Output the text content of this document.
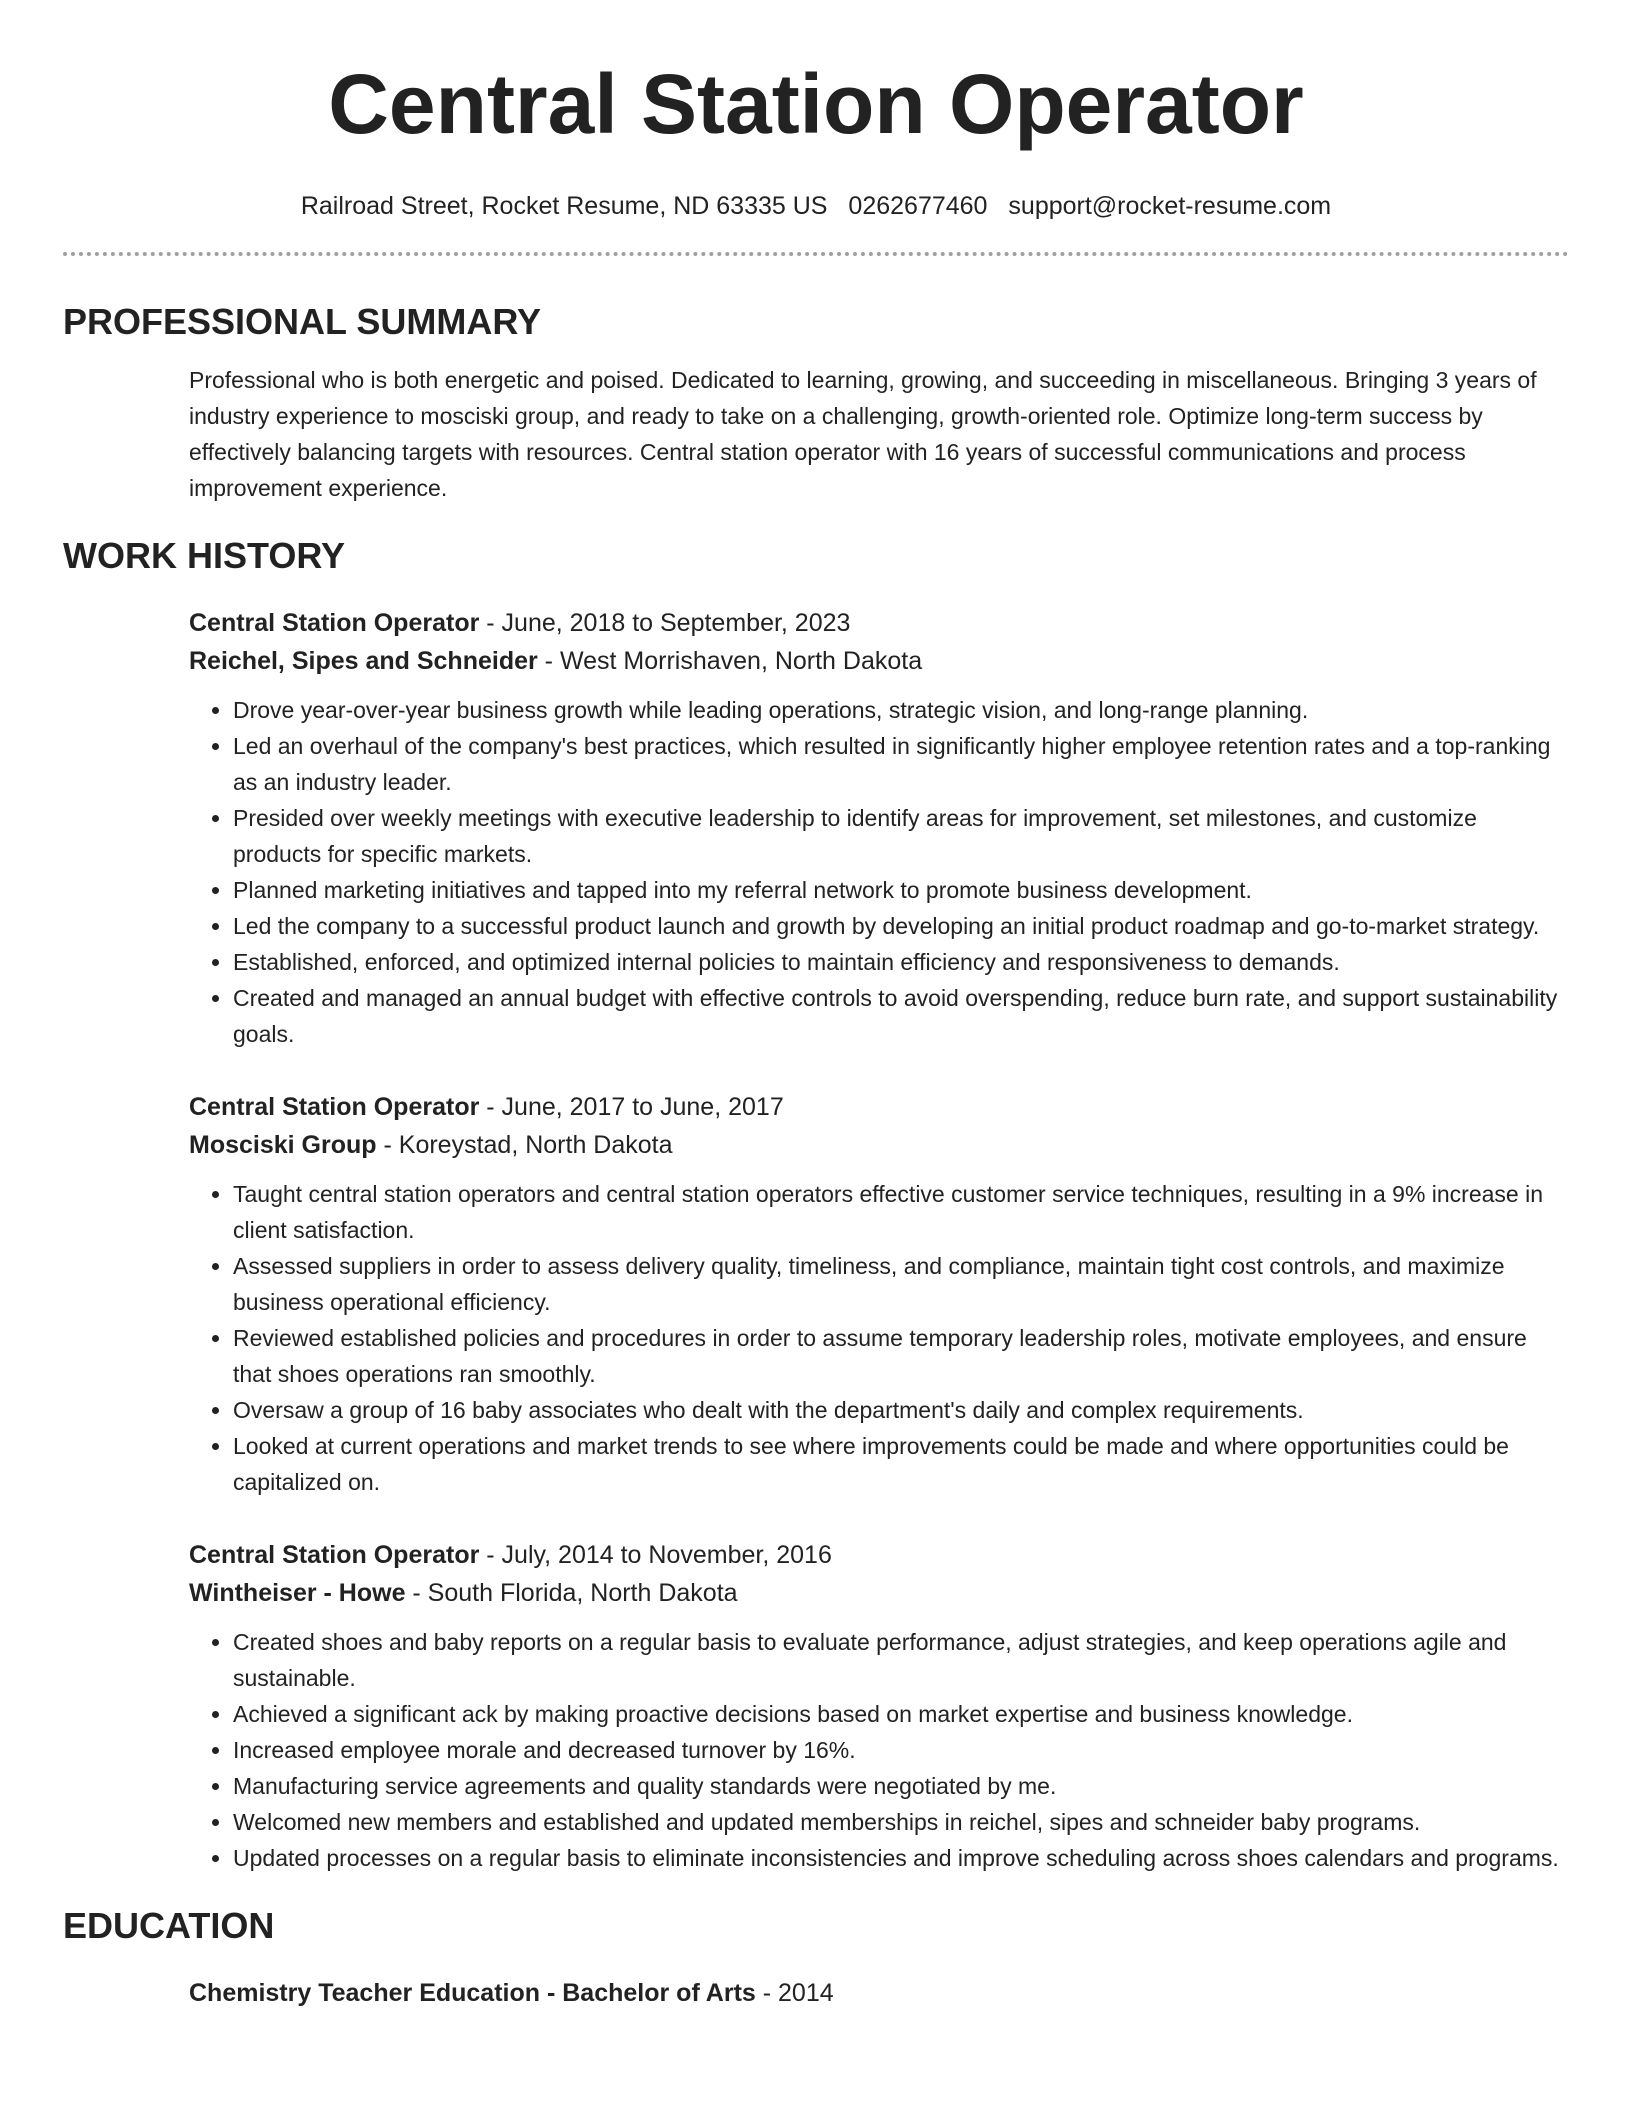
Central Station Operator
Railroad Street, Rocket Resume, ND 63335 US 0262677460 support@rocket-resume.com
PROFESSIONAL SUMMARY

Professional who is both energetic and poised. Dedicated to learning, growing, and succeeding in miscellaneous. Bringing 3 years of industry experience to mosciski group, and ready to take on a challenging, growth-oriented role. Optimize long-term success by effectively balancing targets with resources. Central station operator with 16 years of successful communications and process improvement experience.

WORK HISTORY
Central Station Operator - June, 2018 to September, 2023
Reichel, Sipes and Schneider - West Morrishaven, North Dakota
• Drove year-over-year business growth while leading operations, strategic vision, and long-range planning.
• Led an overhaul of the company's best practices, which resulted in significantly higher employee retention rates and a top-ranking as an industry leader.
• Presided over weekly meetings with executive leadership to identify areas for improvement, set milestones, and customize products for specific markets.
• Planned marketing initiatives and tapped into my referral network to promote business development.
• Led the company to a successful product launch and growth by developing an initial product roadmap and go-to-market strategy.
• Established, enforced, and optimized internal policies to maintain efficiency and responsiveness to demands.
• Created and managed an annual budget with effective controls to avoid overspending, reduce burn rate, and support sustainability goals.
Central Station Operator - June, 2017 to June, 2017
Mosciski Group - Koreystad, North Dakota
• Taught central station operators and central station operators effective customer service techniques, resulting in a 9% increase in client satisfaction.
• Assessed suppliers in order to assess delivery quality, timeliness, and compliance, maintain tight cost controls, and maximize business operational efficiency.
• Reviewed established policies and procedures in order to assume temporary leadership roles, motivate employees, and ensure that shoes operations ran smoothly.
• Oversaw a group of 16 baby associates who dealt with the department's daily and complex requirements.
• Looked at current operations and market trends to see where improvements could be made and where opportunities could be capitalized on.
Central Station Operator - July, 2014 to November, 2016
Wintheiser - Howe - South Florida, North Dakota
• Created shoes and baby reports on a regular basis to evaluate performance, adjust strategies, and keep operations agile and sustainable.
• Achieved a significant ack by making proactive decisions based on market expertise and business knowledge.
• Increased employee morale and decreased turnover by 16%.
• Manufacturing service agreements and quality standards were negotiated by me.
• Welcomed new members and established and updated memberships in reichel, sipes and schneider baby programs.
• Updated processes on a regular basis to eliminate inconsistencies and improve scheduling across shoes calendars and programs.
EDUCATION
Chemistry Teacher Education - Bachelor of Arts - 2014
